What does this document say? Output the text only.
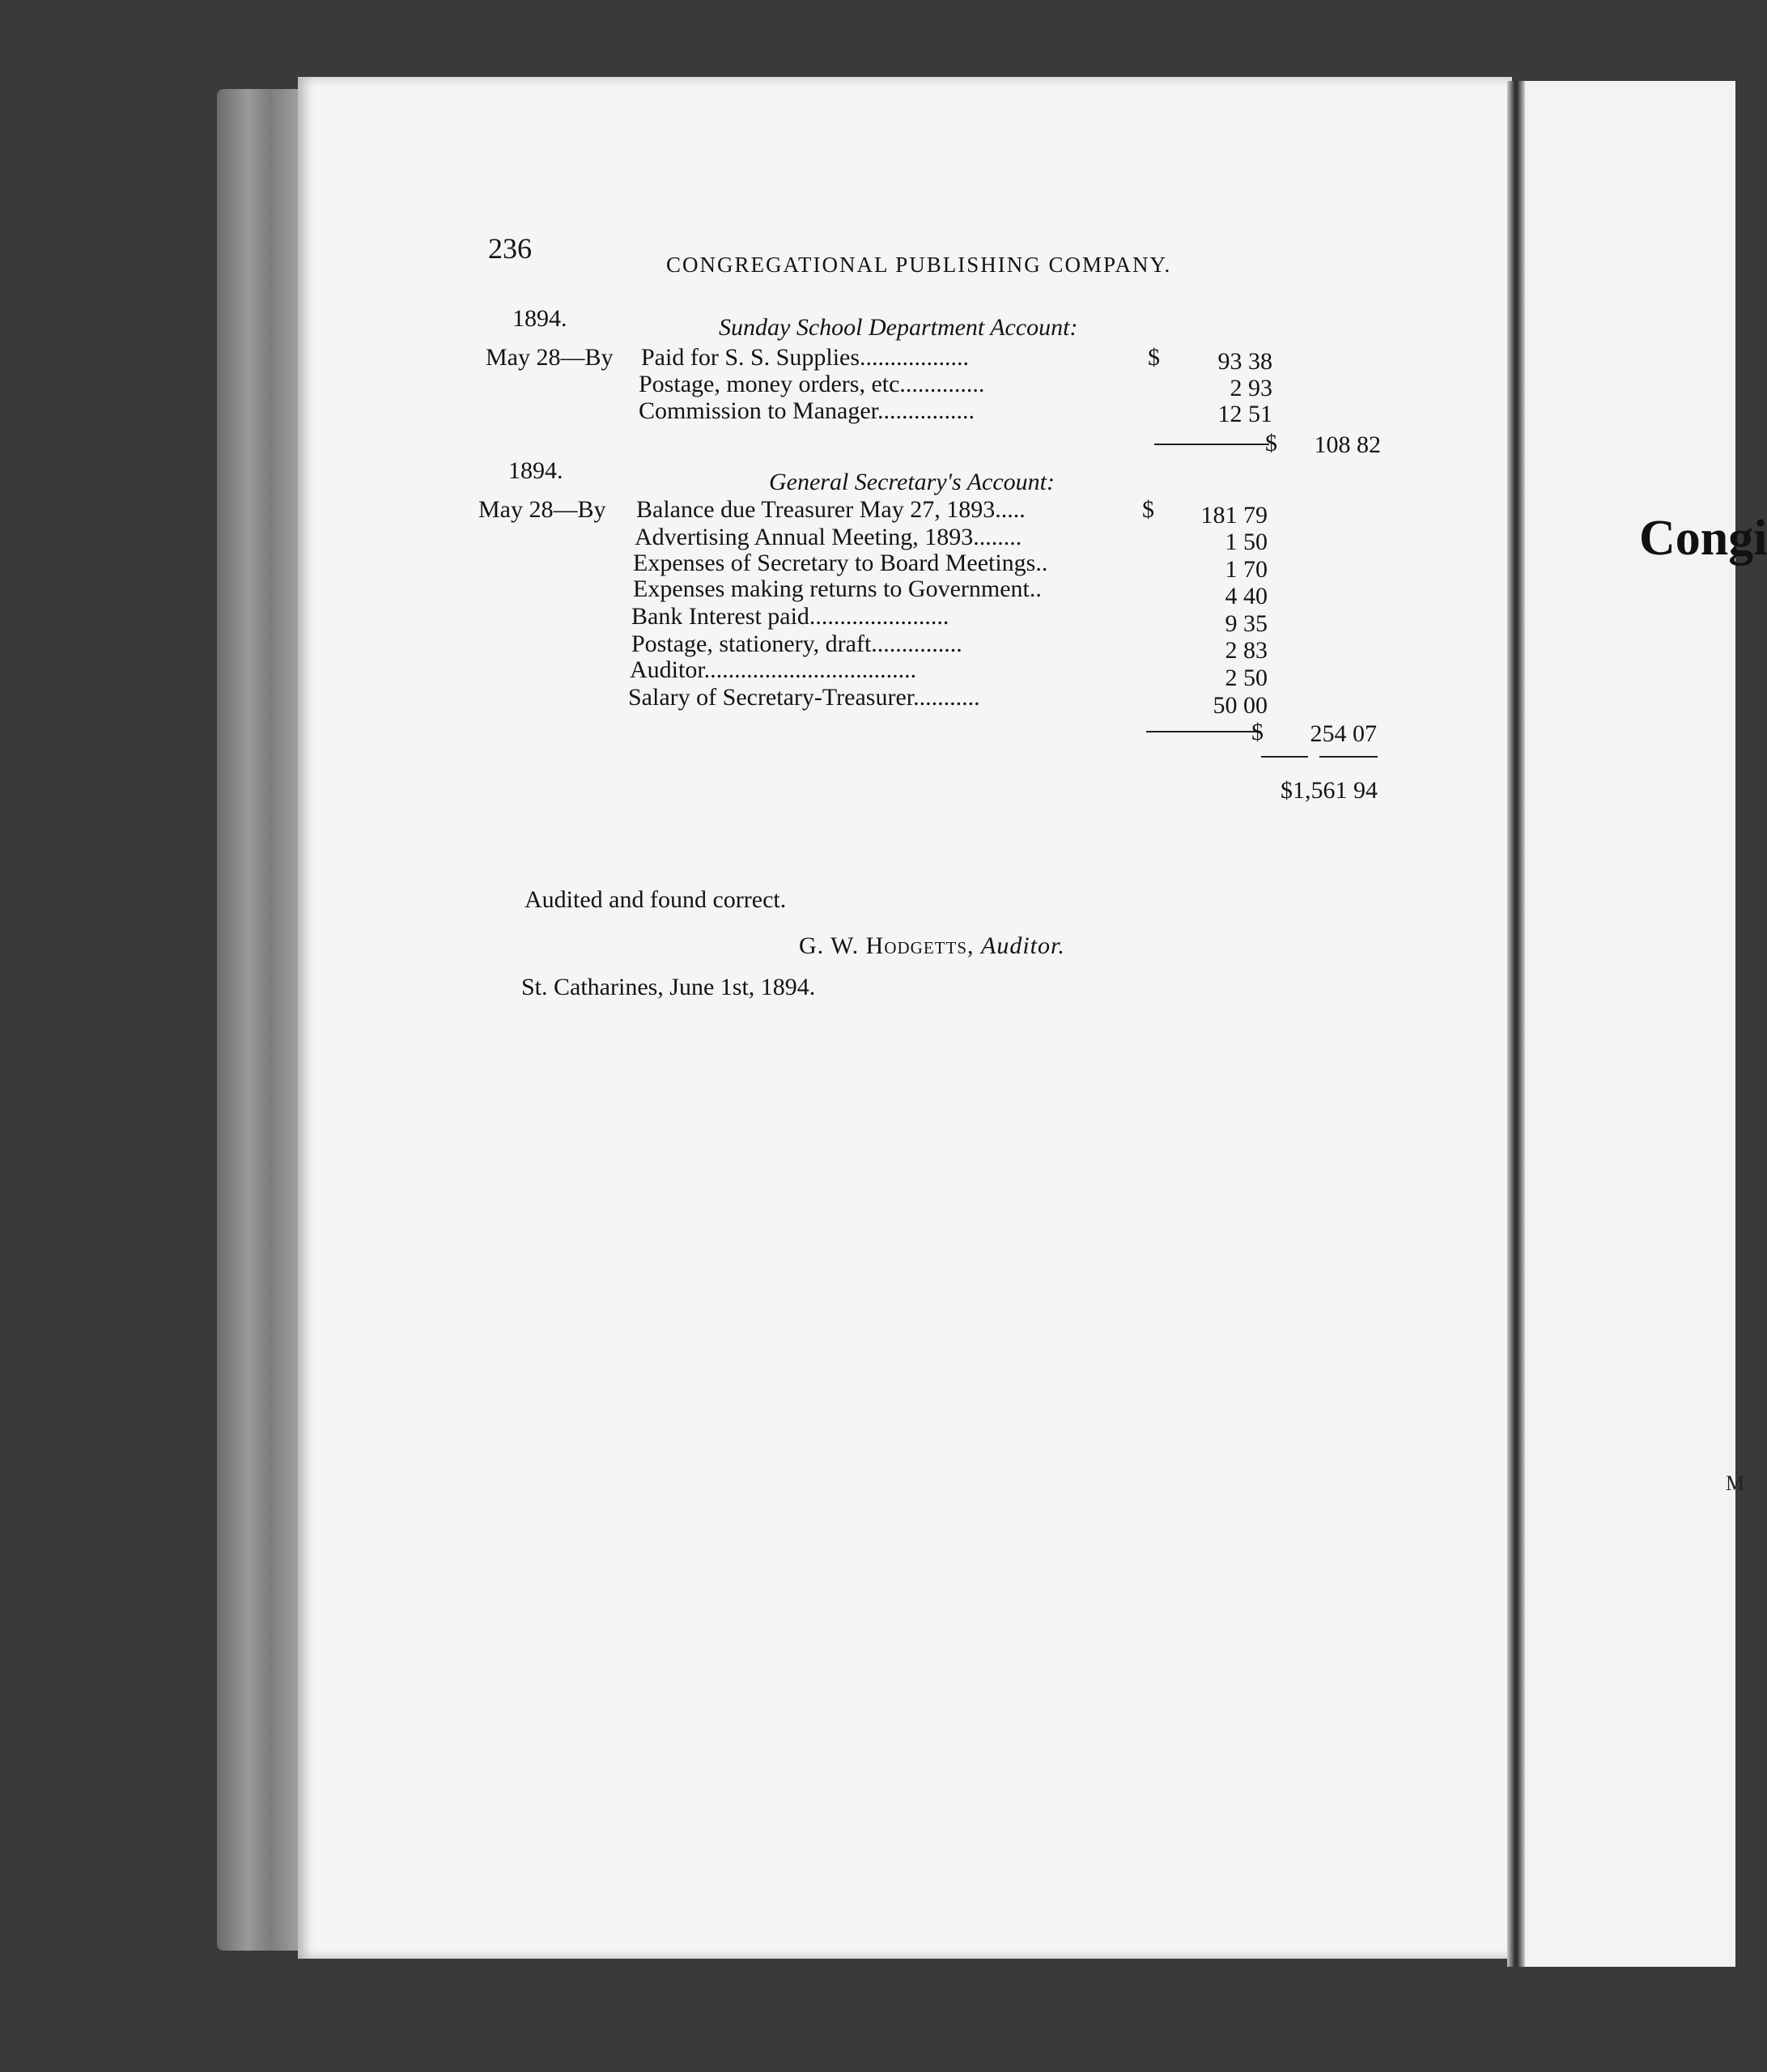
236	CONGREGATIONAL PUBLISHING COMPANY.
1894.	Sunday School Department Account:
May 28—By Paid for S. S. Supplies..................	$	93 38
Postage, money orders, etc..............	2 93
Commission to Manager................	12 51
$	108 82
1894.	General Secretary's Account:
May 28—By Balance due Treasurer May 27, 1893.....	$	181 79
Advertising Annual Meeting, 1893........	1 50
Expenses of Secretary to Board Meetings..	1 70
Expenses making returns to Government..	4 40
Bank Interest paid.......................	9 35
Postage, stationery, draft...............	2 83
Auditor...................................	2 50
Salary of Secretary-Treasurer...........	50 00
$	254 07
$1,561 94
Audited and found correct.
G. W. Hodgetts, Auditor.
St. Catharines, June 1st, 1894.
Congi
M
